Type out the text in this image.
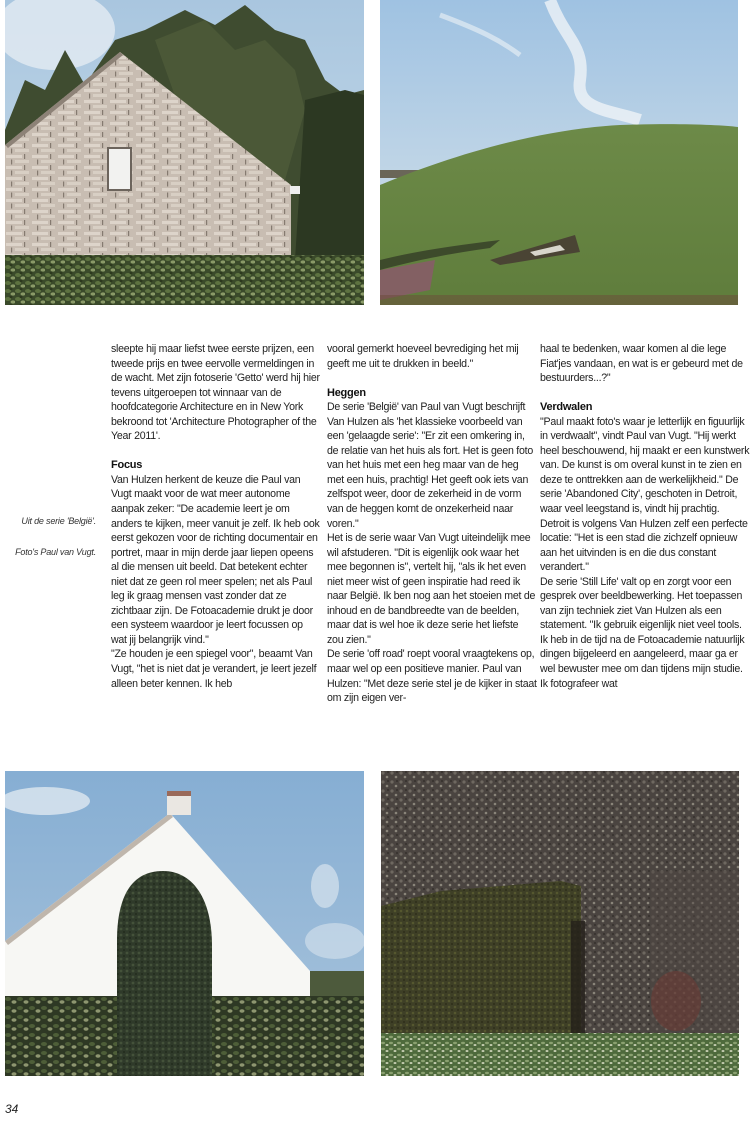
Uit de serie 'België'.
Foto's Paul van Vugt.

sleepte hij maar liefst twee eerste prijzen, een tweede prijs en twee eervolle vermeldingen in de wacht. Met zijn fotoserie 'Getto' werd hij hier tevens uitgeroepen tot winnaar van de hoofdcategorie Architecture en in New York bekroond tot 'Architecture Photographer of the Year 2011'.

Focus

Van Hulzen herkent de keuze die Paul van Vugt maakt voor de wat meer autonome aanpak zeker: "De academie leert je om anders te kijken, meer vanuit je zelf. Ik heb ook eerst gekozen voor de richting documentair en portret, maar in mijn derde jaar liepen opeens al die mensen uit beeld. Dat betekent echter niet dat ze geen rol meer spelen; net als Paul leg ik graag mensen vast zonder dat ze zichtbaar zijn. De Fotoacademie drukt je door een systeem waardoor je leert focussen op wat jij belangrijk vind."

"Ze houden je een spiegel voor", beaamt Van Vugt, "het is niet dat je verandert, je leert jezelf alleen beter kennen. Ik heb

vooral gemerkt hoeveel bevrediging het mij geeft me uit te drukken in beeld."

Heggen

De serie 'België' van Paul van Vugt beschrijft Van Hulzen als 'het klassieke voorbeeld van een 'gelaagde serie': "Er zit een omkering in, de relatie van het huis als fort. Het is geen foto van het huis met een heg maar van de heg met een huis, prachtig! Het geeft ook iets van zelfspot weer, door de zekerheid in de vorm van de heggen komt de onzekerheid naar voren."

Het is de serie waar Van Vugt uiteindelijk mee wil afstuderen. "Dit is eigenlijk ook waar het mee begonnen is", vertelt hij, "als ik het even niet meer wist of geen inspiratie had reed ik naar België. Ik ben nog aan het stoeien met de inhoud en de bandbreedte van de beelden, maar dat is wel hoe ik deze serie het liefste zou zien."

De serie 'off road' roept vooral vraagtekens op, maar wel op een positieve manier. Paul van Hulzen: "Met deze serie stel je de kijker in staat om zijn eigen ver-

haal te bedenken, waar komen al die lege Fiat'jes vandaan, en wat is er gebeurd met de bestuurders...?"

Verdwalen

"Paul maakt foto's waar je letterlijk en figuurlijk in verdwaalt", vindt Paul van Vugt. "Hij werkt heel beschouwend, hij maakt er een kunstwerk van. De kunst is om overal kunst in te zien en deze te onttrekken aan de werkelijkheid." De serie 'Abandoned City', geschoten in Detroit, waar veel leegstand is, vindt hij prachtig. Detroit is volgens Van Hulzen zelf een perfecte locatie: "Het is een stad die zichzelf opnieuw aan het uitvinden is en die dus constant verandert."

De serie 'Still Life' valt op en zorgt voor een gesprek over beeldbewerking. Het toepassen van zijn techniek ziet Van Hulzen als een statement. "Ik gebruik eigenlijk niet veel tools. Ik heb in de tijd na de Fotoacademie natuurlijk dingen bijgeleerd en aangeleerd, maar ga er wel bewuster mee om dan tijdens mijn studie. Ik fotografeer wat

34
